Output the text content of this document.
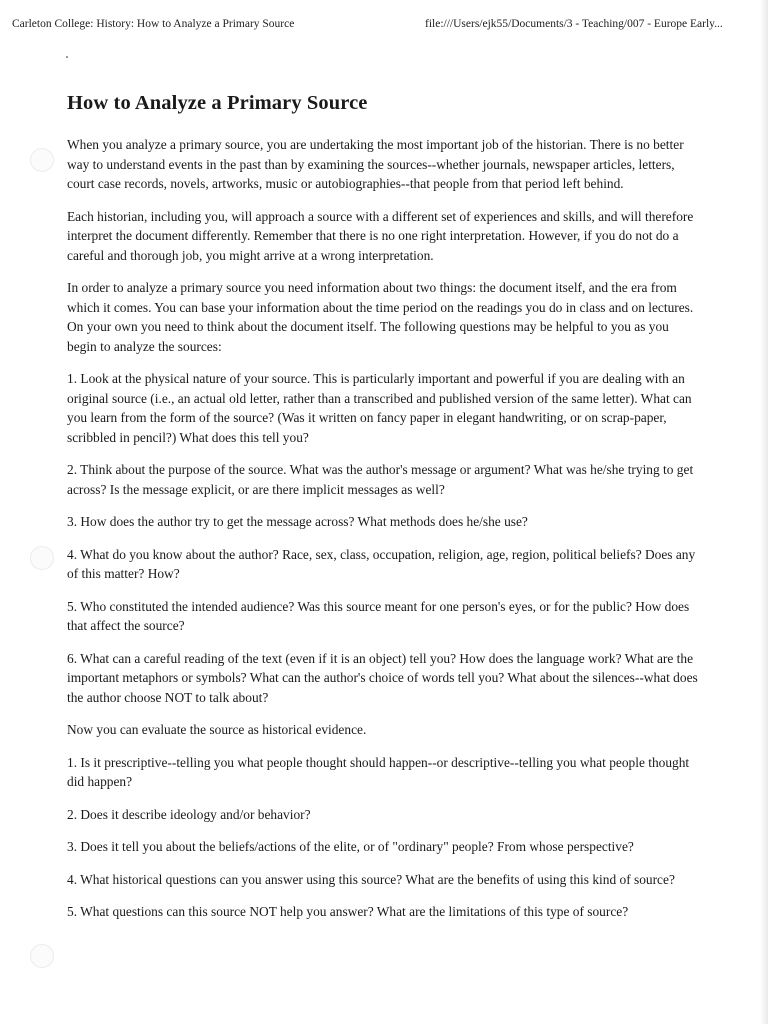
Carleton College: History: How to Analyze a Primary Source	file:///Users/ejk55/Documents/3 - Teaching/007 - Europe Early...
How to Analyze a Primary Source

When you analyze a primary source, you are undertaking the most important job of the historian. There is no better way to understand events in the past than by examining the sources--whether journals, newspaper articles, letters, court case records, novels, artworks, music or autobiographies--that people from that period left behind.

Each historian, including you, will approach a source with a different set of experiences and skills, and will therefore interpret the document differently. Remember that there is no one right interpretation. However, if you do not do a careful and thorough job, you might arrive at a wrong interpretation.

In order to analyze a primary source you need information about two things: the document itself, and the era from which it comes. You can base your information about the time period on the readings you do in class and on lectures. On your own you need to think about the document itself. The following questions may be helpful to you as you begin to analyze the sources:

1. Look at the physical nature of your source. This is particularly important and powerful if you are dealing with an original source (i.e., an actual old letter, rather than a transcribed and published version of the same letter). What can you learn from the form of the source? (Was it written on fancy paper in elegant handwriting, or on scrap-paper, scribbled in pencil?) What does this tell you?

2. Think about the purpose of the source. What was the author's message or argument? What was he/she trying to get across? Is the message explicit, or are there implicit messages as well?

3. How does the author try to get the message across? What methods does he/she use?

4. What do you know about the author? Race, sex, class, occupation, religion, age, region, political beliefs? Does any of this matter? How?

5. Who constituted the intended audience? Was this source meant for one person's eyes, or for the public? How does that affect the source?

6. What can a careful reading of the text (even if it is an object) tell you? How does the language work? What are the important metaphors or symbols? What can the author's choice of words tell you? What about the silences--what does the author choose NOT to talk about?

Now you can evaluate the source as historical evidence.

1. Is it prescriptive--telling you what people thought should happen--or descriptive--telling you what people thought did happen?

2. Does it describe ideology and/or behavior?

3. Does it tell you about the beliefs/actions of the elite, or of "ordinary" people? From whose perspective?

4. What historical questions can you answer using this source? What are the benefits of using this kind of source?

5. What questions can this source NOT help you answer? What are the limitations of this type of source?
